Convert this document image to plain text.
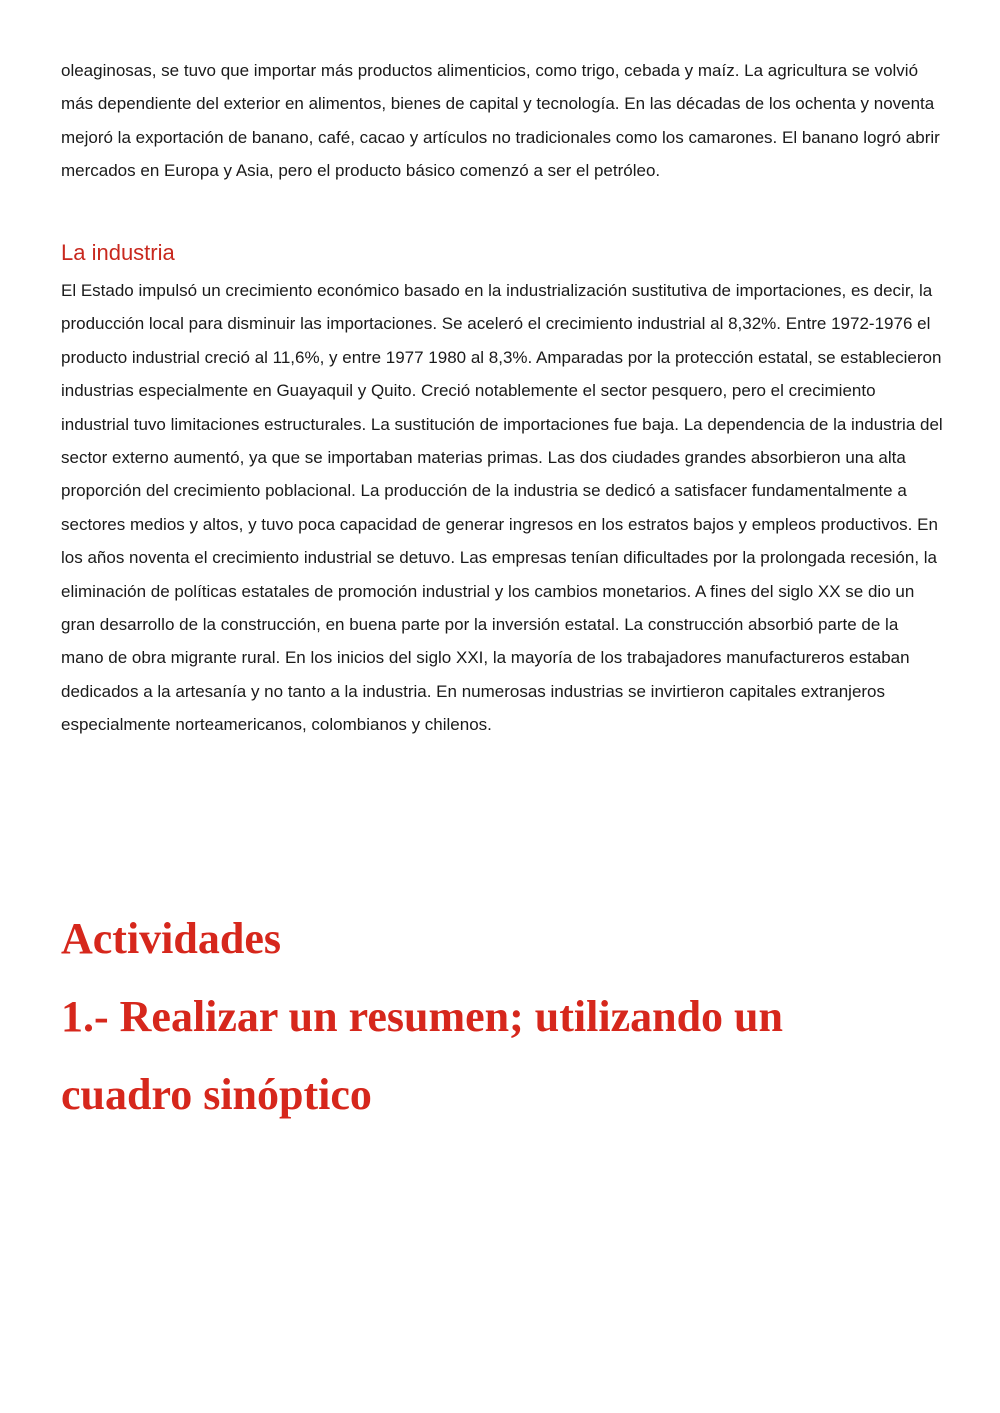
oleaginosas, se tuvo que importar más productos alimenticios, como trigo, cebada y maíz. La agricultura se volvió más dependiente del exterior en alimentos, bienes de capital y tecnología. En las décadas de los ochenta y noventa mejoró la exportación de banano, café, cacao y artículos no tradicionales como los camarones. El banano logró abrir mercados en Europa y Asia, pero el producto básico comenzó a ser el petróleo.

La industria

El Estado impulsó un crecimiento económico basado en la industrialización sustitutiva de importaciones, es decir, la producción local para disminuir las importaciones. Se aceleró el crecimiento industrial al 8,32%. Entre 1972-1976 el producto industrial creció al 11,6%, y entre 1977 1980 al 8,3%. Amparadas por la protección estatal, se establecieron industrias especialmente en Guayaquil y Quito. Creció notablemente el sector pesquero, pero el crecimiento industrial tuvo limitaciones estructurales. La sustitución de importaciones fue baja. La dependencia de la industria del sector externo aumentó, ya que se importaban materias primas. Las dos ciudades grandes absorbieron una alta proporción del crecimiento poblacional. La producción de la industria se dedicó a satisfacer fundamentalmente a sectores medios y altos, y tuvo poca capacidad de generar ingresos en los estratos bajos y empleos productivos. En los años noventa el crecimiento industrial se detuvo. Las empresas tenían dificultades por la prolongada recesión, la eliminación de políticas estatales de promoción industrial y los cambios monetarios. A fines del siglo XX se dio un gran desarrollo de la construcción, en buena parte por la inversión estatal. La construcción absorbió parte de la mano de obra migrante rural. En los inicios del siglo XXI, la mayoría de los trabajadores manufactureros estaban dedicados a la artesanía y no tanto a la industria. En numerosas industrias se invirtieron capitales extranjeros especialmente norteamericanos, colombianos y chilenos.

Actividades

1.- Realizar un resumen; utilizando un

cuadro sinóptico
